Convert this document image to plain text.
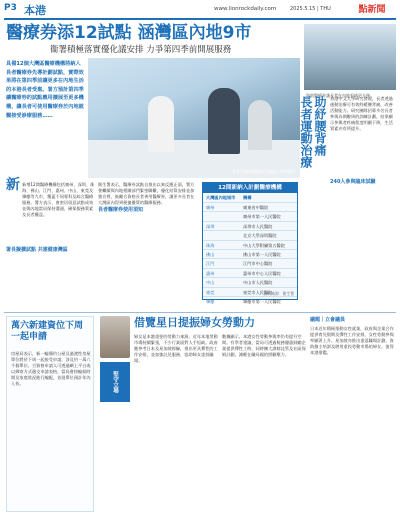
P3 本港	www.lionrockdaily.com	2025.5.15 | THU	點新聞
醫療券添12試點 涵灣區內地9市
衞署積極落實優化議安排 力爭第四季前開展服務
具備12個大灣區醫療機構將納入長者醫療券先導計劃試點，實際效果將在第四季前讓更多在內地生活的本港長者受惠。署方預計第四季讓醫療券的試點應用擴展至更多機構，讓長者可使用醫療券於內地就醫接受診療服務……
長者在醫療機構接受服務。資料圖片
新 新增12間醫療機構包括廣州、深圳、珠海、佛山、江門、惠州、中山、東莞及肇慶等九市，覆蓋不同專科及綜合醫療服務。署方表示，會密切留意試點成效並與內地當局保持溝通，確保服務質素及長者權益。
署長擬擴試點 共建健康灣區
衞生署表示，醫療券試點自推出以來反應正面，署方會繼續與內地相關部門緊密聯繫，優化結算安排並加強宣傳，鼓勵合資格長者善用醫療券，讓更多長者在大灣區內得到便捷優質的醫療服務。
長者醫療券使用須知
12間新納入計劃醫療機構
大灣區內地城市 機構
廣州	廣東省中醫院
廣州市第一人民醫院
深圳	深圳市人民醫院
北京大學深圳醫院
珠海	中山大學附屬第五醫院
佛山	佛山市第一人民醫院
江門	江門市中心醫院
惠州	惠州市中心人民醫院
中山	中山市人民醫院
東莞	東莞市人民醫院
肇慶	肇慶市第一人民醫院
資料來源：衞生署
資助醫療券讓長者在內地看病更方便。
長者運動治療 助紓腰背痛 香港中文大學研究發現，長者透過運動治療可有效紓緩腰背痛，改善活動能力。研究團隊招募多名長者參與為期數周的訓練計劃，結果顯示參與者疼痛程度明顯下降，生活質素亦有所提升。
240人參與臨床試驗
萬六新建資位下周一起申請
房屋局表示，新一輪簡約公屋及過渡性房屋單位將於下周一起接受申請，涉及約一萬六千個單位。合資格申請人可透過網上平台或以郵寄方式遞交申請表格，當局會按輪候時間及家庭狀況進行編配，首批單位預計年內入伙。	堅守立場
借覽星日提振婦女勞動力
婦女是本港重要的勞動力來源。近年本地勞動市場持續緊張，不少行業面對人手短缺。政府應參考日本及星加坡經驗，推出更具彈性的工作安排，並加強託兒服務，協助婦女重投職場。
數據顯示，本港女性勞動參與率仍有提升空間。有學者建議，當局可透過稅務優惠鼓勵企業提供彈性工時，同時擴大課餘託管及社區保姆計劃，減輕在職母親的照顧壓力。
議題｜立會議員
日本近年積極推動女性就業，政府與企業合作提供育兒假期及彈性工作安排，女性勞動參與率顯著上升。星加坡亦推出重返職場計劃，資助僱主培訓及聘用重投勞動市場的婦女，值得本港借鑑。
